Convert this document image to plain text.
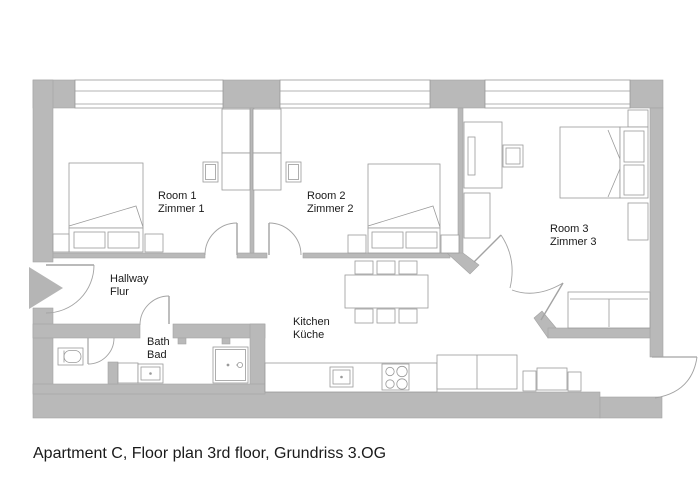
Room 1
Zimmer 1
Room 2
Zimmer 2
Room 3
Zimmer 3
Hallway
Flur
Bath
Bad
Kitchen
Küche
Apartment C, Floor plan 3rd floor, Grundriss 3.OG
